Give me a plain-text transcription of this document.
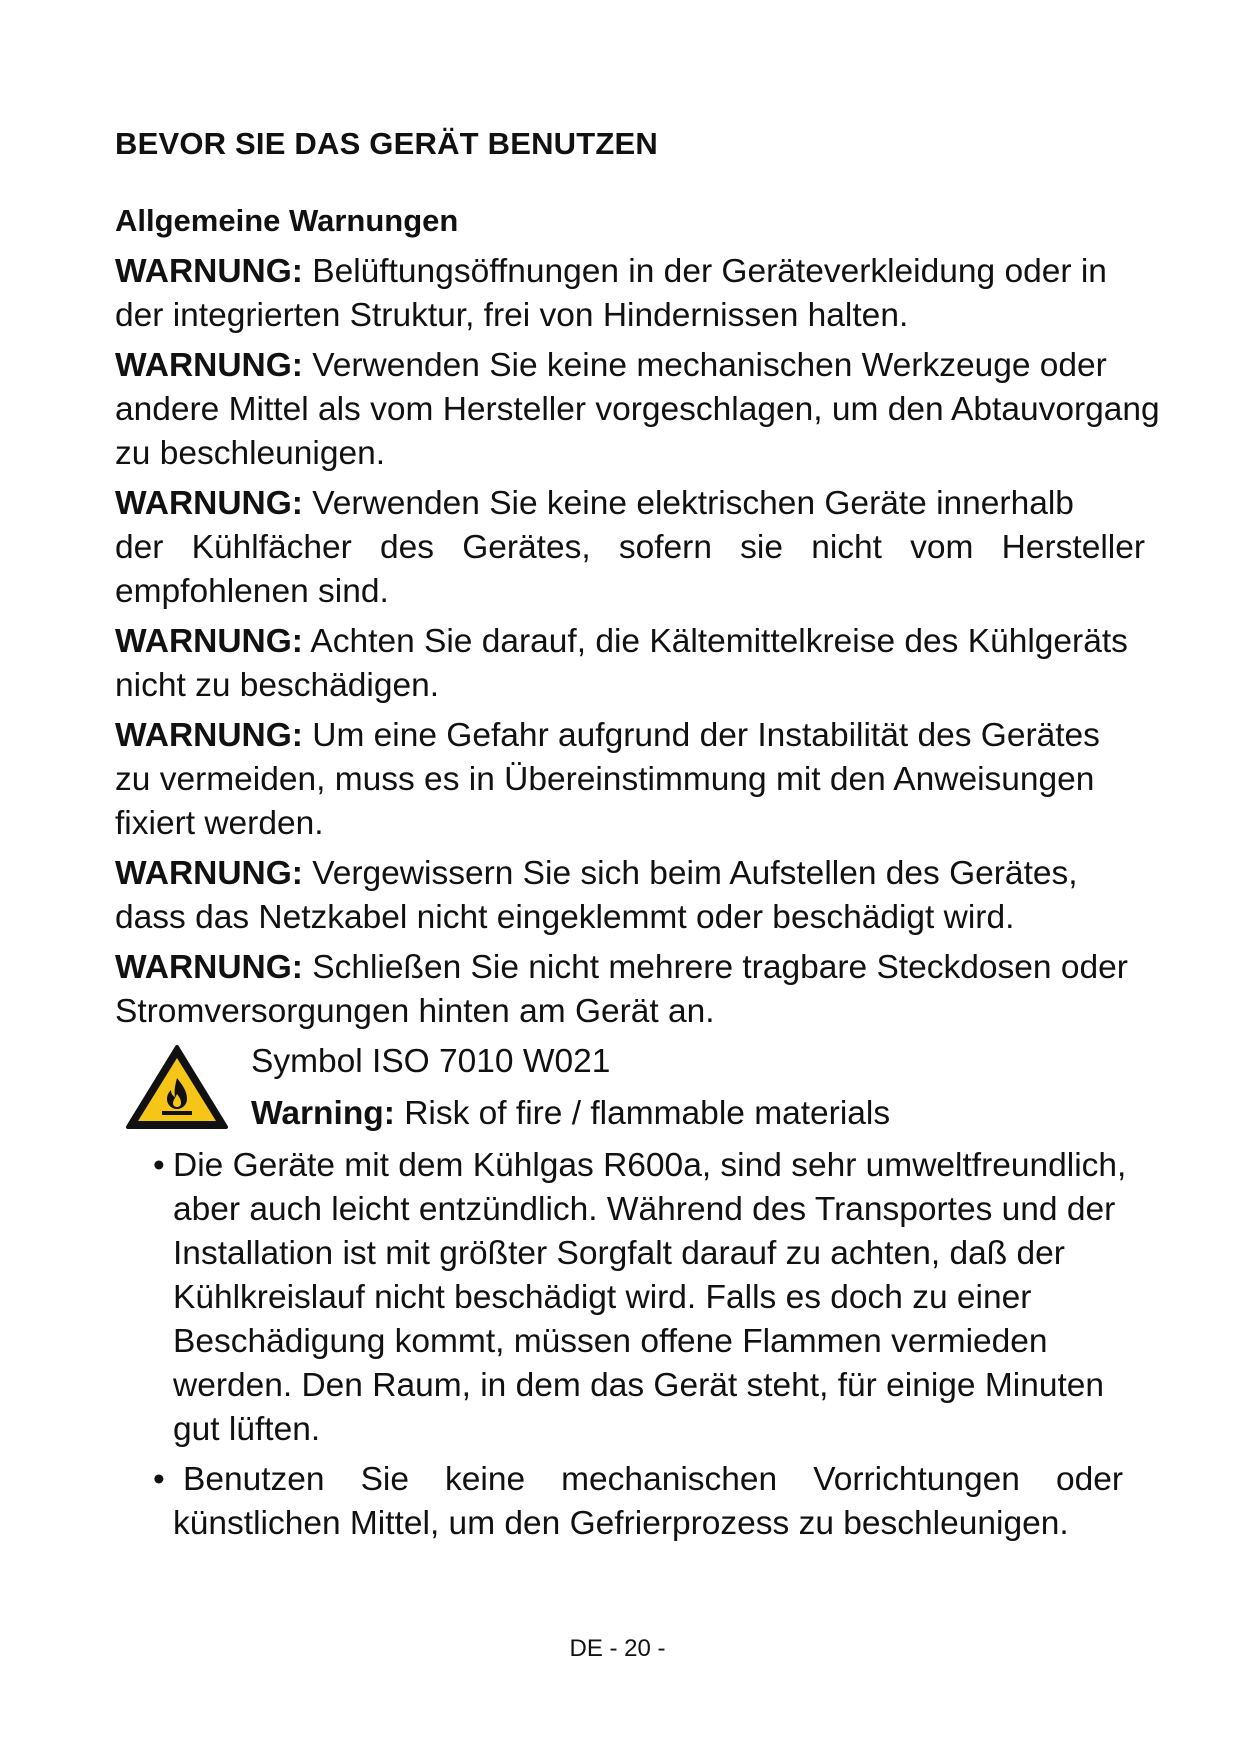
BEVOR SIE DAS GERÄT BENUTZEN
Allgemeine Warnungen
WARNUNG: Belüftungsöffnungen in der Geräteverkleidung oder in
der integrierten Struktur, frei von Hindernissen halten.
WARNUNG: Verwenden Sie keine mechanischen Werkzeuge oder
andere Mittel als vom Hersteller vorgeschlagen, um den Abtauvorgang
zu beschleunigen.
WARNUNG: Verwenden Sie keine elektrischen Geräte innerhalb
der Kühlfächer des Gerätes, sofern sie nicht vom Hersteller
empfohlenen sind.
WARNUNG: Achten Sie darauf, die Kältemittelkreise des Kühlgeräts
nicht zu beschädigen.
WARNUNG: Um eine Gefahr aufgrund der Instabilität des Gerätes
zu vermeiden, muss es in Übereinstimmung mit den Anweisungen
fixiert werden.
WARNUNG: Vergewissern Sie sich beim Aufstellen des Gerätes,
dass das Netzkabel nicht eingeklemmt oder beschädigt wird.
WARNUNG: Schließen Sie nicht mehrere tragbare Steckdosen oder
Stromversorgungen hinten am Gerät an.
Symbol ISO 7010 W021
Warning: Risk of fire / flammable materials
• Die Geräte mit dem Kühlgas R600a, sind sehr umweltfreundlich,
aber auch leicht entzündlich. Während des Transportes und der
Installation ist mit größter Sorgfalt darauf zu achten, daß der
Kühlkreislauf nicht beschädigt wird. Falls es doch zu einer
Beschädigung kommt, müssen offene Flammen vermieden
werden. Den Raum, in dem das Gerät steht, für einige Minuten
gut lüften.
• Benutzen Sie keine mechanischen Vorrichtungen oder
künstlichen Mittel, um den Gefrierprozess zu beschleunigen.
DE - 20 -
